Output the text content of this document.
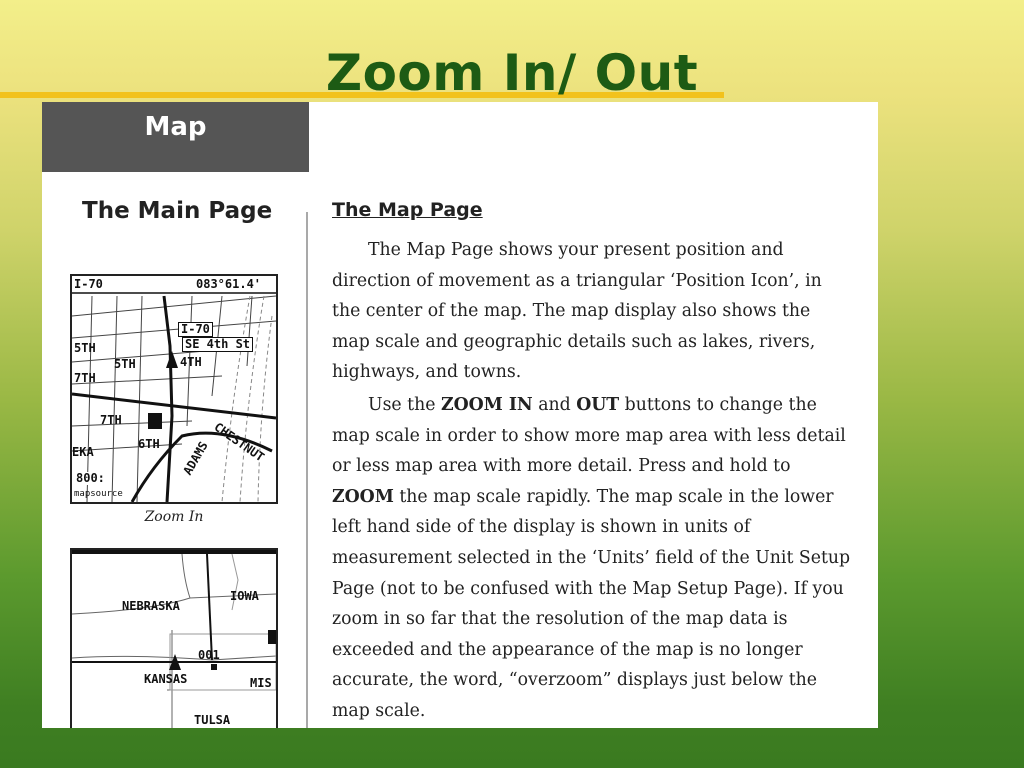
Zoom In/ Out
Map
The Main Page
I-70	083°61.4'
I-70
SE 4th St
5TH
5TH	4TH
7TH
7TH
6TH ADAMS CHESTNUT
EKA
800:
mapsource
Zoom In
NEBRASKA
IOWA
001
KANSAS	MIS
TULSA
The Map Page

The Map Page shows your present position and direction of movement as a triangular ‘Position Icon’, in the center of the map. The map display also shows the map scale and geographic details such as lakes, rivers, highways, and towns.

Use the ZOOM IN and OUT buttons to change the map scale in order to show more map area with less detail or less map area with more detail. Press and hold to ZOOM the map scale rapidly. The map scale in the lower left hand side of the display is shown in units of measurement selected in the ‘Units’ field of the Unit Setup Page (not to be confused with the Map Setup Page). If you zoom in so far that the resolution of the map data is exceeded and the appearance of the map is no longer accurate, the word, “overzoom” displays just below the map scale.
